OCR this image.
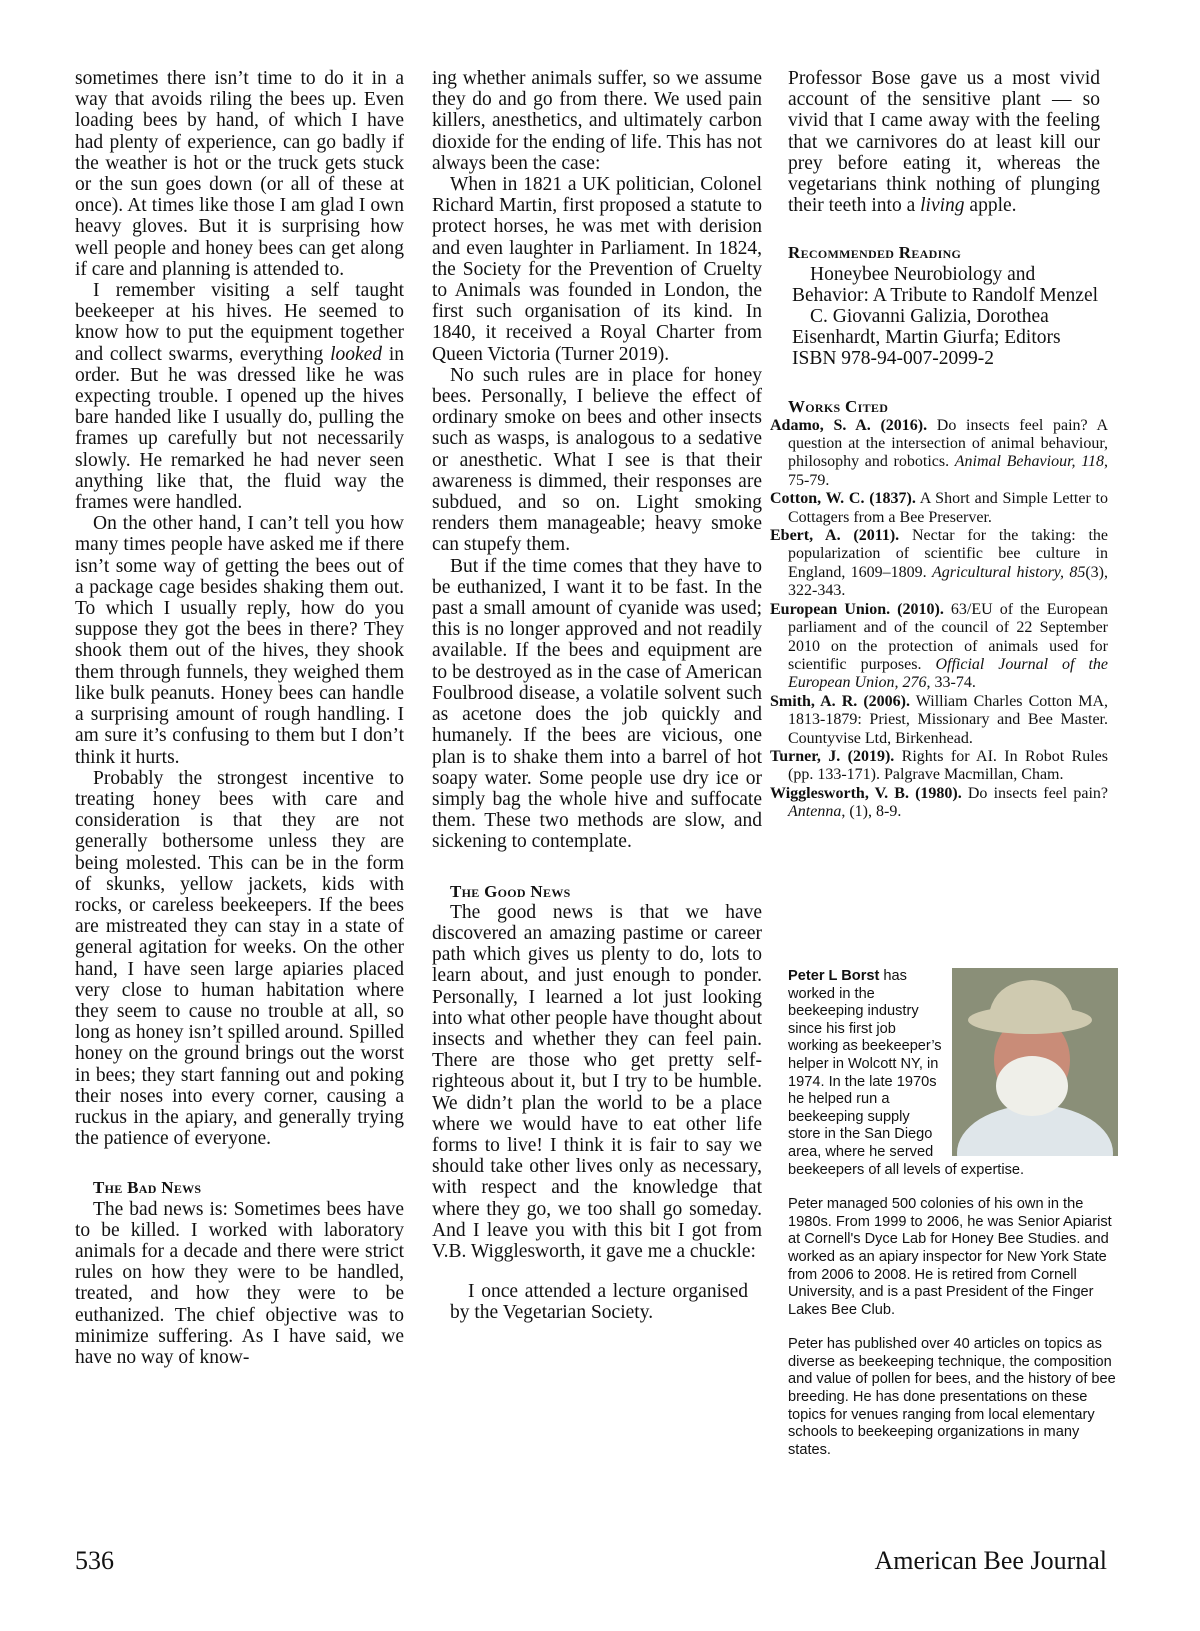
sometimes there isn’t time to do it in a way that avoids riling the bees up. Even loading bees by hand, of which I have had plenty of experience, can go badly if the weather is hot or the truck gets stuck or the sun goes down (or all of these at once). At times like those I am glad I own heavy gloves. But it is surprising how well people and honey bees can get along if care and planning is attended to.

I remember visiting a self taught beekeeper at his hives. He seemed to know how to put the equipment together and collect swarms, everything looked in order. But he was dressed like he was expecting trouble. I opened up the hives bare handed like I usually do, pulling the frames up carefully but not necessarily slowly. He remarked he had never seen anything like that, the fluid way the frames were handled.

On the other hand, I can’t tell you how many times people have asked me if there isn’t some way of getting the bees out of a package cage besides shaking them out. To which I usually reply, how do you suppose they got the bees in there? They shook them out of the hives, they shook them through funnels, they weighed them like bulk peanuts. Honey bees can handle a surprising amount of rough handling. I am sure it’s confusing to them but I don’t think it hurts.

Probably the strongest incentive to treating honey bees with care and consideration is that they are not generally bothersome unless they are being molested. This can be in the form of skunks, yellow jackets, kids with rocks, or careless beekeepers. If the bees are mistreated they can stay in a state of general agitation for weeks. On the other hand, I have seen large apiaries placed very close to human habitation where they seem to cause no trouble at all, so long as honey isn’t spilled around. Spilled honey on the ground brings out the worst in bees; they start fanning out and poking their noses into every corner, causing a ruckus in the apiary, and generally trying the patience of everyone.

The Bad News

The bad news is: Sometimes bees have to be killed. I worked with laboratory animals for a decade and there were strict rules on how they were to be handled, treated, and how they were to be euthanized. The chief objective was to minimize suffering. As I have said, we have no way of know-

ing whether animals suffer, so we assume they do and go from there. We used pain killers, anesthetics, and ultimately carbon dioxide for the ending of life. This has not always been the case:

When in 1821 a UK politician, Colonel Richard Martin, first proposed a statute to protect horses, he was met with derision and even laughter in Parliament. In 1824, the Society for the Prevention of Cruelty to Animals was founded in London, the first such organisation of its kind. In 1840, it received a Royal Charter from Queen Victoria (Turner 2019).

No such rules are in place for honey bees. Personally, I believe the effect of ordinary smoke on bees and other insects such as wasps, is analogous to a sedative or anesthetic. What I see is that their awareness is dimmed, their responses are subdued, and so on. Light smoking renders them manageable; heavy smoke can stupefy them.

But if the time comes that they have to be euthanized, I want it to be fast. In the past a small amount of cyanide was used; this is no longer approved and not readily available. If the bees and equipment are to be destroyed as in the case of American Foulbrood disease, a volatile solvent such as acetone does the job quickly and humanely. If the bees are vicious, one plan is to shake them into a barrel of hot soapy water. Some people use dry ice or simply bag the whole hive and suffocate them. These two methods are slow, and sickening to contemplate.

The Good News

The good news is that we have discovered an amazing pastime or career path which gives us plenty to do, lots to learn about, and just enough to ponder. Personally, I learned a lot just looking into what other people have thought about insects and whether they can feel pain. There are those who get pretty self-righteous about it, but I try to be humble. We didn’t plan the world to be a place where we would have to eat other life forms to live! I think it is fair to say we should take other lives only as necessary, with respect and the knowledge that where they go, we too shall go someday. And I leave you with this bit I got from V.B. Wigglesworth, it gave me a chuckle:

I once attended a lecture organised by the Vegetarian Society.

Professor Bose gave us a most vivid account of the sensitive plant — so vivid that I came away with the feeling that we carnivores do at least kill our prey before eating it, whereas the vegetarians think nothing of plunging their teeth into a living apple.

Recommended Reading

Honeybee Neurobiology and Behavior: A Tribute to Randolf Menzel

C. Giovanni Galizia, Dorothea Eisenhardt, Martin Giurfa; Editors ISBN 978-94-007-2099-2

Works Cited

Adamo, S. A. (2016). Do insects feel pain? A question at the intersection of animal behaviour, philosophy and robotics. Animal Behaviour, 118, 75-79.

Cotton, W. C. (1837). A Short and Simple Letter to Cottagers from a Bee Preserver.

Ebert, A. (2011). Nectar for the taking: the popularization of scientific bee culture in England, 1609–1809. Agricultural history, 85(3), 322-343.

European Union. (2010). 63/EU of the European parliament and of the council of 22 September 2010 on the protection of animals used for scientific purposes. Official Journal of the European Union, 276, 33-74.

Smith, A. R. (2006). William Charles Cotton MA, 1813-1879: Priest, Missionary and Bee Master. Countyvise Ltd, Birkenhead.

Turner, J. (2019). Rights for AI. In Robot Rules (pp. 133-171). Palgrave Macmillan, Cham.

Wigglesworth, V. B. (1980). Do insects feel pain? Antenna, (1), 8-9.

Peter L Borst has worked in the beekeeping industry since his first job working as beekeeper’s helper in Wolcott NY, in 1974. In the late 1970s he helped run a beekeeping supply store in the San Diego area, where he served beekeepers of all levels of expertise.

Peter managed 500 colonies of his own in the 1980s. From 1999 to 2006, he was Senior Apiarist at Cornell's Dyce Lab for Honey Bee Studies. and worked as an apiary inspector for New York State from 2006 to 2008. He is retired from Cornell University, and is a past President of the Finger Lakes Bee Club.

Peter has published over 40 articles on topics as diverse as beekeeping technique, the composition and value of pollen for bees, and the history of bee breeding. He has done presentations on these topics for venues ranging from local elementary schools to beekeeping organizations in many states.

536	American Bee Journal
